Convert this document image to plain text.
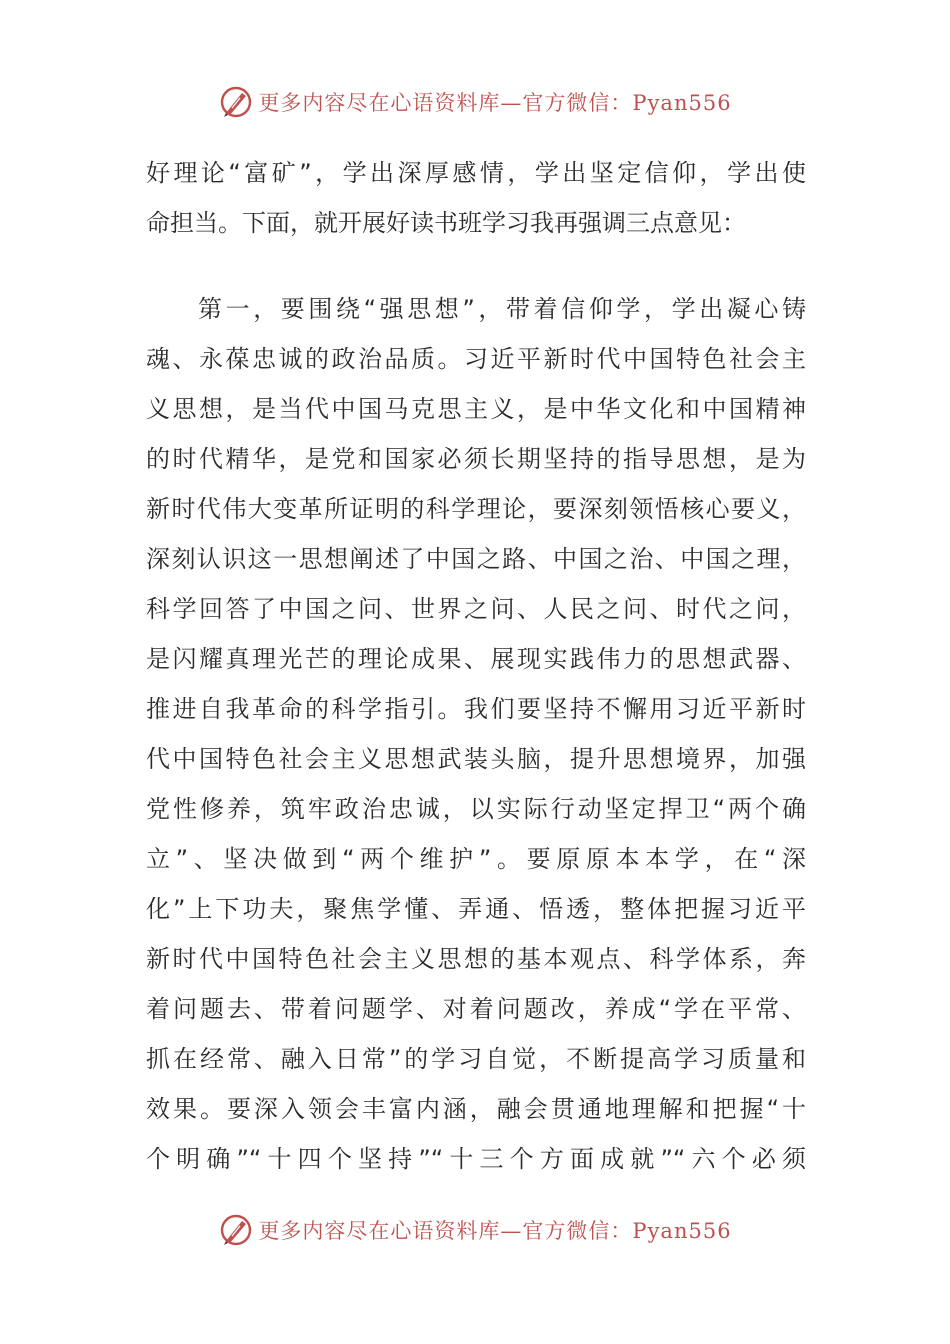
更多内容尽在心语资料库—官方微信：Pyan556
好理论“富矿”，学出深厚感情，学出坚定信仰，学出使
命担当。下面，就开展好读书班学习我再强调三点意见：
第一，要围绕“强思想”，带着信仰学，学出凝心铸
魂、永葆忠诚的政治品质。习近平新时代中国特色社会主
义思想，是当代中国马克思主义，是中华文化和中国精神
的时代精华，是党和国家必须长期坚持的指导思想，是为
新时代伟大变革所证明的科学理论，要深刻领悟核心要义，
深刻认识这一思想阐述了中国之路、中国之治、中国之理，
科学回答了中国之问、世界之问、人民之问、时代之问，
是闪耀真理光芒的理论成果、展现实践伟力的思想武器、
推进自我革命的科学指引。我们要坚持不懈用习近平新时
代中国特色社会主义思想武装头脑，提升思想境界，加强
党性修养，筑牢政治忠诚，以实际行动坚定捍卫“两个确
立”、坚决做到“两个维护”。要原原本本学，在“深
化”上下功夫，聚焦学懂、弄通、悟透，整体把握习近平
新时代中国特色社会主义思想的基本观点、科学体系，奔
着问题去、带着问题学、对着问题改，养成“学在平常、
抓在经常、融入日常”的学习自觉，不断提高学习质量和
效果。要深入领会丰富内涵，融会贯通地理解和把握“十
个明确”“十四个坚持”“十三个方面成就”“六个必须
更多内容尽在心语资料库—官方微信：Pyan556
